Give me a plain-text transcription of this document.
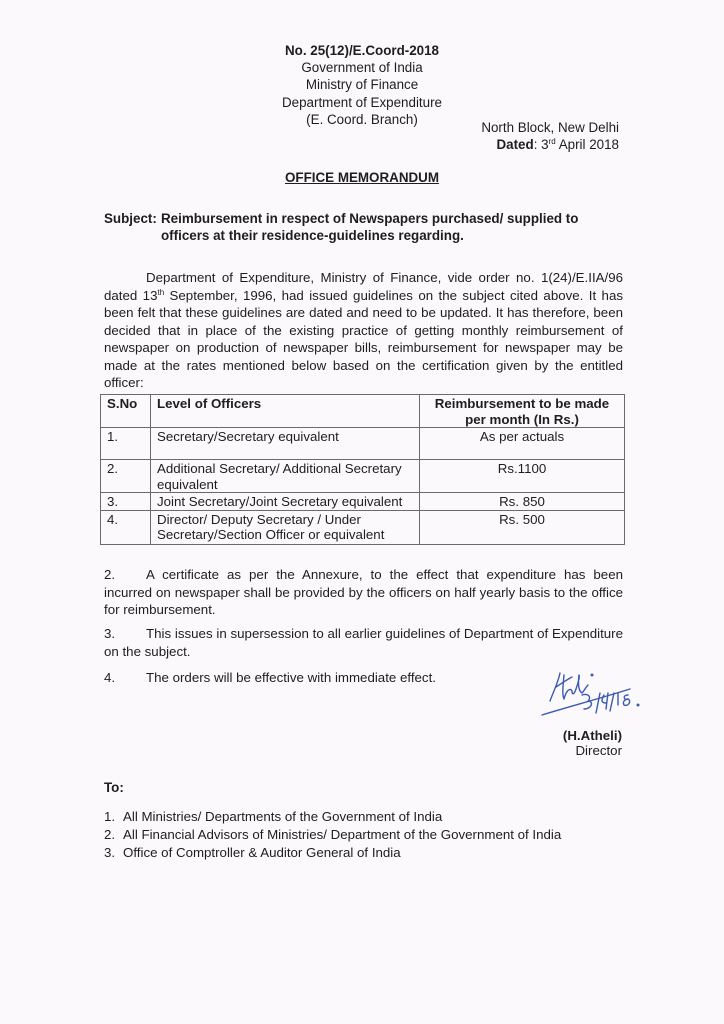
No. 25(12)/E.Coord-2018
Government of India
Ministry of Finance
Department of Expenditure
(E. Coord. Branch)
North Block, New Delhi
Dated: 3rd April 2018
OFFICE MEMORANDUM
Subject: Reimbursement in respect of Newspapers purchased/ supplied to
officers at their residence-guidelines regarding.
Department of Expenditure, Ministry of Finance, vide order no. 1(24)/E.IIA/96 dated 13th September, 1996, had issued guidelines on the subject cited above. It has been felt that these guidelines are dated and need to be updated. It has therefore, been decided that in place of the existing practice of getting monthly reimbursement of newspaper on production of newspaper bills, reimbursement for newspaper may be made at the rates mentioned below based on the certification given by the entitled officer:
S.No	Level of Officers	Reimbursement to be made per month (In Rs.)
1.	Secretary/Secretary equivalent	As per actuals
2.	Additional Secretary/ Additional Secretary equivalent	Rs.1100
3.	Joint Secretary/Joint Secretary equivalent	Rs. 850
4.	Director/ Deputy Secretary / Under Secretary/Section Officer or equivalent	Rs. 500
2. A certificate as per the Annexure, to the effect that expenditure has been incurred on newspaper shall be provided by the officers on half yearly basis to the office for reimbursement.
3. This issues in supersession to all earlier guidelines of Department of Expenditure on the subject.
4. The orders will be effective with immediate effect.
(H.Atheli)
Director
To:
1. All Ministries/ Departments of the Government of India
2. All Financial Advisors of Ministries/ Department of the Government of India
3. Office of Comptroller & Auditor General of India
